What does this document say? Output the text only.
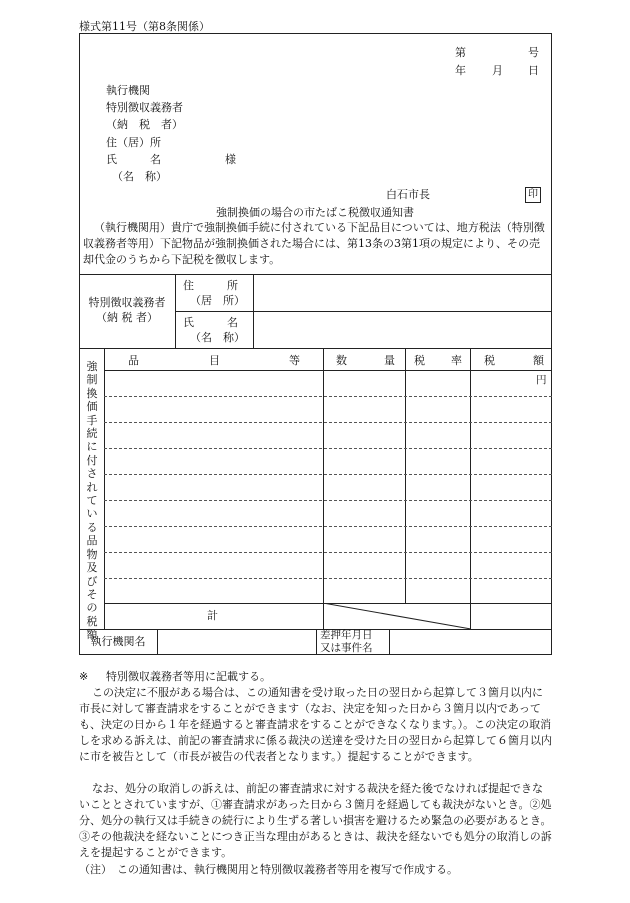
様式第11号（第8条関係）
第	号
年 月 日
執行機関
特別徴収義務者
（納　税　者）
住（居）所
氏　　　名	様
（名　称）
白石市長	印
強制換価の場合の市たばこ税徴収通知書
（執行機関用）貴庁で強制換価手続に付されている下記品目については、地方税法（特別徴収義務者等用）下記物品が強制換価された場合には、第13条の3第1項の規定により、その売却代金のうちから下記税を徴収します。
特別徴収義務者
（納 税 者）
住　　　所
（居　所）
氏　　　名
（名　称）
品	目	等	数	量 税 率 税	額
円
強制換価手続に付されている品物及びその税額
計
執行機関名	差押年月日
又は事件名
※ 特別徴収義務者等用に記載する。
この決定に不服がある場合は、この通知書を受け取った日の翌日から起算して３箇月以内に市長に対して審査請求をすることができます（なお、決定を知った日から３箇月以内であっても、決定の日から１年を経過すると審査請求をすることができなくなります。）。この決定の取消しを求める訴えは、前記の審査請求に係る裁決の送達を受けた日の翌日から起算して６箇月以内に市を被告として（市長が被告の代表者となります。）提起することができます。
なお、処分の取消しの訴えは、前記の審査請求に対する裁決を経た後でなければ提起できないこととされていますが、①審査請求があった日から３箇月を経過しても裁決がないとき。②処分、処分の執行又は手続きの続行により生ずる著しい損害を避けるため緊急の必要があるとき。③その他裁決を経ないことにつき正当な理由があるときは、裁決を経ないでも処分の取消しの訴えを提起することができます。
（注） この通知書は、執行機関用と特別徴収義務者等用を複写で作成する。
